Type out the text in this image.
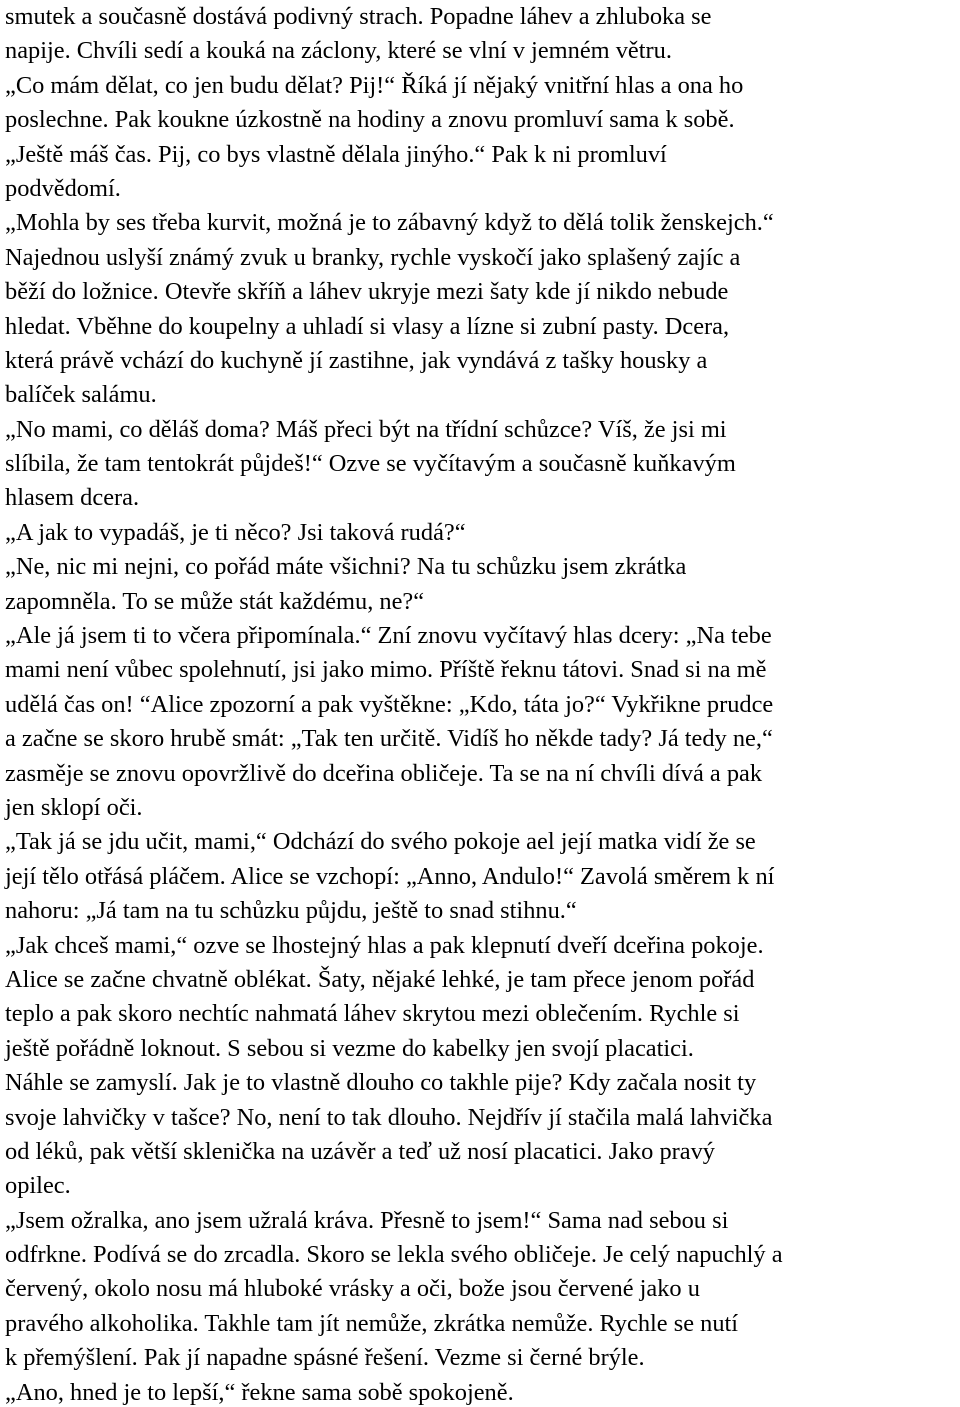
smutek a současně dostává podivný strach. Popadne láhev a zhluboka se
napije. Chvíli sedí a kouká na záclony, které se vlní v jemném větru.
„Co mám dělat, co jen budu dělat? Pij!“ Říká jí nějaký vnitřní hlas a ona ho
poslechne. Pak koukne úzkostně na hodiny a znovu promluví sama k sobě.
„Ještě máš čas. Pij, co bys vlastně dělala jinýho.“ Pak k ni promluví
podvědomí.
„Mohla by ses třeba kurvit, možná je to zábavný když to dělá tolik ženskejch.“
Najednou uslyší známý zvuk u branky, rychle vyskočí jako splašený zajíc a
běží do ložnice. Otevře skříň a láhev ukryje mezi šaty kde jí nikdo nebude
hledat. Vběhne do koupelny a uhladí si vlasy a lízne si zubní pasty. Dcera,
která právě vchází do kuchyně jí zastihne, jak vyndává z tašky housky a
balíček salámu.
„No mami, co děláš doma? Máš přeci být na třídní schůzce? Víš, že jsi mi
slíbila, že tam tentokrát půjdeš!“ Ozve se vyčítavým a současně kuňkavým
hlasem dcera.
„A jak to vypadáš, je ti něco? Jsi taková rudá?“
„Ne, nic mi nejni, co pořád máte všichni? Na tu schůzku jsem zkrátka
zapomněla. To se může stát každému, ne?“
„Ale já jsem ti to včera připomínala.“ Zní znovu vyčítavý hlas dcery: „Na tebe
mami není vůbec spolehnutí, jsi jako mimo. Příště řeknu tátovi. Snad si na mě
udělá čas on! “Alice zpozorní a pak vyštěkne: „Kdo, táta jo?“ Vykřikne prudce
a začne se skoro hrubě smát: „Tak ten určitě. Vidíš ho někde tady? Já tedy ne,“
zasměje se znovu opovržlivě do dceřina obličeje. Ta se na ní chvíli dívá a pak
jen sklopí oči.
„Tak já se jdu učit, mami,“ Odchází do svého pokoje ael její matka vidí že se
její tělo otřásá pláčem. Alice se vzchopí: „Anno, Andulo!“ Zavolá směrem k ní
nahoru: „Já tam na tu schůzku půjdu, ještě to snad stihnu.“
„Jak chceš mami,“ ozve se lhostejný hlas a pak klepnutí dveří dceřina pokoje.
Alice se začne chvatně oblékat. Šaty, nějaké lehké, je tam přece jenom pořád
teplo a pak skoro nechtíc nahmatá láhev skrytou mezi oblečením. Rychle si
ještě pořádně loknout. S sebou si vezme do kabelky jen svojí placatici.
Náhle se zamyslí. Jak je to vlastně dlouho co takhle pije? Kdy začala nosit ty
svoje lahvičky v tašce? No, není to tak dlouho. Nejdřív jí stačila malá lahvička
od léků, pak větší sklenička na uzávěr a teď už nosí placatici. Jako pravý
opilec.
„Jsem ožralka, ano jsem užralá kráva. Přesně to jsem!“ Sama nad sebou si
odfrkne. Podívá se do zrcadla. Skoro se lekla svého obličeje. Je celý napuchlý a
červený, okolo nosu má hluboké vrásky a oči, bože jsou červené jako u
pravého alkoholika. Takhle tam jít nemůže, zkrátka nemůže. Rychle se nutí
k přemýšlení. Pak jí napadne spásné řešení. Vezme si černé brýle.
„Ano, hned je to lepší,“ řekne sama sobě spokojeně.
